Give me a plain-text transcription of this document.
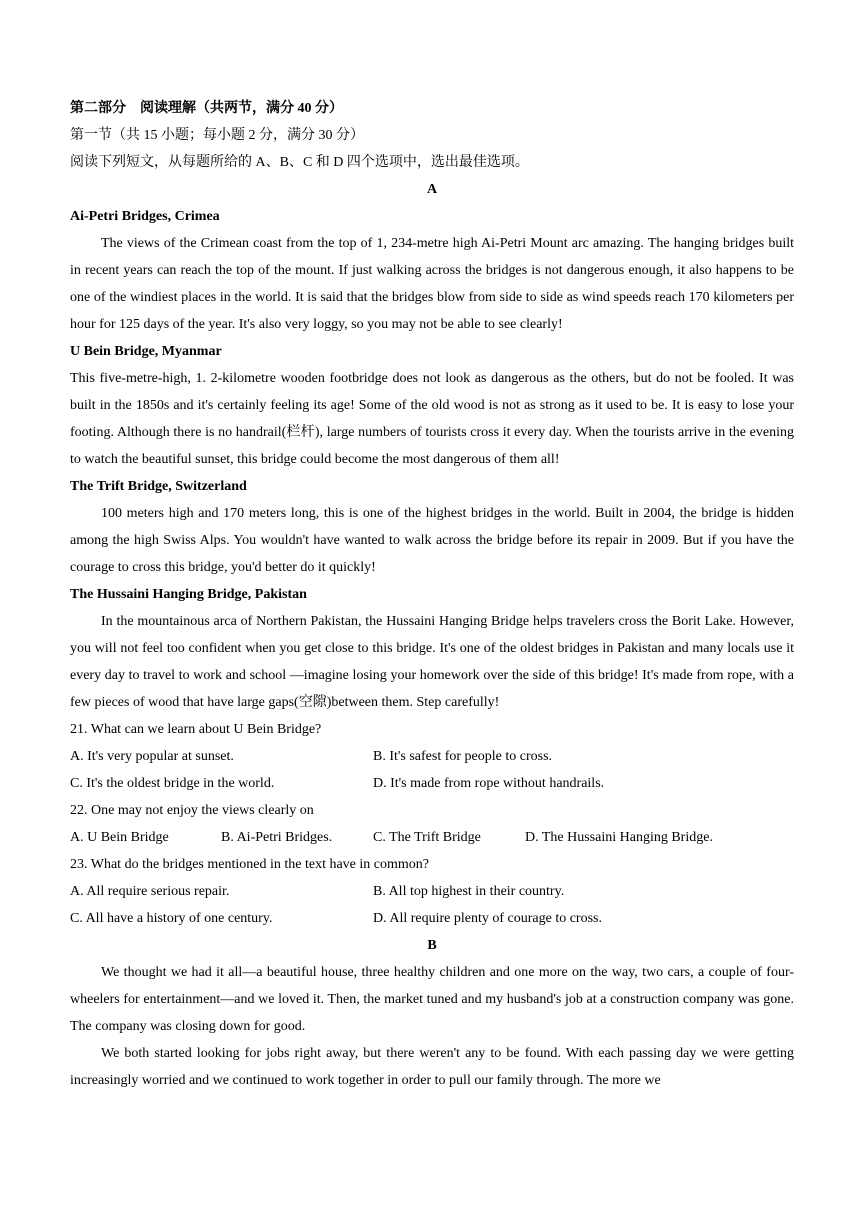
第二部分　阅读理解（共两节，满分 40 分）
第一节（共 15 小题；每小题 2 分，满分 30 分）
阅读下列短文，从每题所给的 A、B、C 和 D 四个选项中，选出最佳选项。
A
Ai-Petri Bridges, Crimea
The views of the Crimean coast from the top of 1, 234-metre high Ai-Petri Mount arc amazing. The hanging bridges built in recent years can reach the top of the mount. If just walking across the bridges is not dangerous enough, it also happens to be one of the windiest places in the world. It is said that the bridges blow from side to side as wind speeds reach 170 kilometers per hour for 125 days of the year. It's also very loggy, so you may not be able to see clearly!
U Bein Bridge, Myanmar
This five-metre-high, 1. 2-kilometre wooden footbridge does not look as dangerous as the others, but do not be fooled. It was built in the 1850s and it's certainly feeling its age! Some of the old wood is not as strong as it used to be. It is easy to lose your footing. Although there is no handrail(栏杆), large numbers of tourists cross it every day. When the tourists arrive in the evening to watch the beautiful sunset, this bridge could become the most dangerous of them all!
The Trift Bridge, Switzerland
100 meters high and 170 meters long, this is one of the highest bridges in the world. Built in 2004, the bridge is hidden among the high Swiss Alps. You wouldn't have wanted to walk across the bridge before its repair in 2009. But if you have the courage to cross this bridge, you'd better do it quickly!
The Hussaini Hanging Bridge, Pakistan
In the mountainous arca of Northern Pakistan, the Hussaini Hanging Bridge helps travelers cross the Borit Lake. However, you will not feel too confident when you get close to this bridge. It's one of the oldest bridges in Pakistan and many locals use it every day to travel to work and school —imagine losing your homework over the side of this bridge! It's made from rope, with a few pieces of wood that have large gaps(空隙)between them. Step carefully!
21. What can we learn about U Bein Bridge?
A. It's very popular at sunset.	B. It's safest for people to cross.
C. It's the oldest bridge in the world.	D. It's made from rope without handrails.
22. One may not enjoy the views clearly on
A. U Bein Bridge	B. Ai-Petri Bridges.	C. The Trift Bridge	D. The Hussaini Hanging Bridge.
23. What do the bridges mentioned in the text have in common?
A. All require serious repair.	B. All top highest in their country.
C. All have a history of one century.	D. All require plenty of courage to cross.
B
We thought we had it all—a beautiful house, three healthy children and one more on the way, two cars, a couple of four-wheelers for entertainment—and we loved it. Then, the market tuned and my husband's job at a construction company was gone. The company was closing down for good.
We both started looking for jobs right away, but there weren't any to be found. With each passing day we were getting increasingly worried and we continued to work together in order to pull our family through. The more we
